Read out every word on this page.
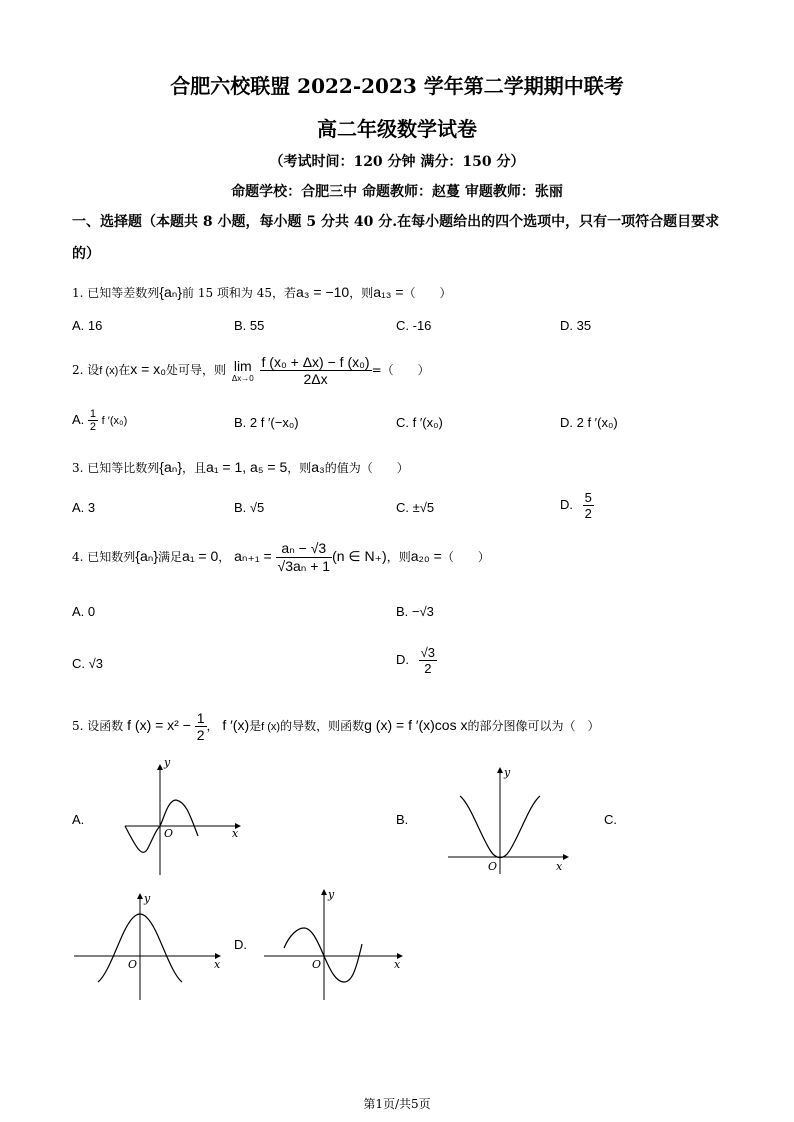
合肥六校联盟 2022-2023 学年第二学期期中联考
高二年级数学试卷
（考试时间：120 分钟 满分：150 分）
命题学校：合肥三中 命题教师：赵蔓 审题教师：张丽
一、选择题（本题共 8 小题，每小题 5 分共 40 分.在每小题给出的四个选项中，只有一项符合题目要求的）
1. 已知等差数列{aₙ}前 15 项和为 45，若a₃ = −10，则a₁₃ =（　　）
A. 16	B. 55	C. -16	D. 35
2. 设f (x)在x = x₀处可导，则 lim
Δx→0
$\frac{\text{f (x₀ + Δx) − f (x₀)}}{2\Delta x}$ =（　　）
A. $\frac{1}{2}$ f ′(x₀)	B. 2 f ′(−x₀)	C. f ′(x₀)	D. 2 f ′(x₀)
3. 已知等比数列{aₙ}，且a₁ = 1, a₅ = 5，则a₃的值为（　　）
A. 3	B. √5	C. ±√5	D. $\frac{5}{2}$
4. 已知数列{aₙ}满足a₁ = 0， $a_{n+1} = \frac{\text{aₙ − √3}}{\text{√3aₙ + 1}} (n$ ∈ N₊)，则a₂₀ =（　　）
A. 0	B. −√3
C. √3	D. $\frac{√3}{2}$
5. 设函数 f $(x) = x^2 - \frac{1}{2}$ ， f ′(x)是f (x)的导数，则函数g (x) = f ′(x)cos x的部分图像可以为（　）
A.	B.	C.
D.
y
x
O
y
x
O
y
x
O
y
x
O
第1页/共5页
